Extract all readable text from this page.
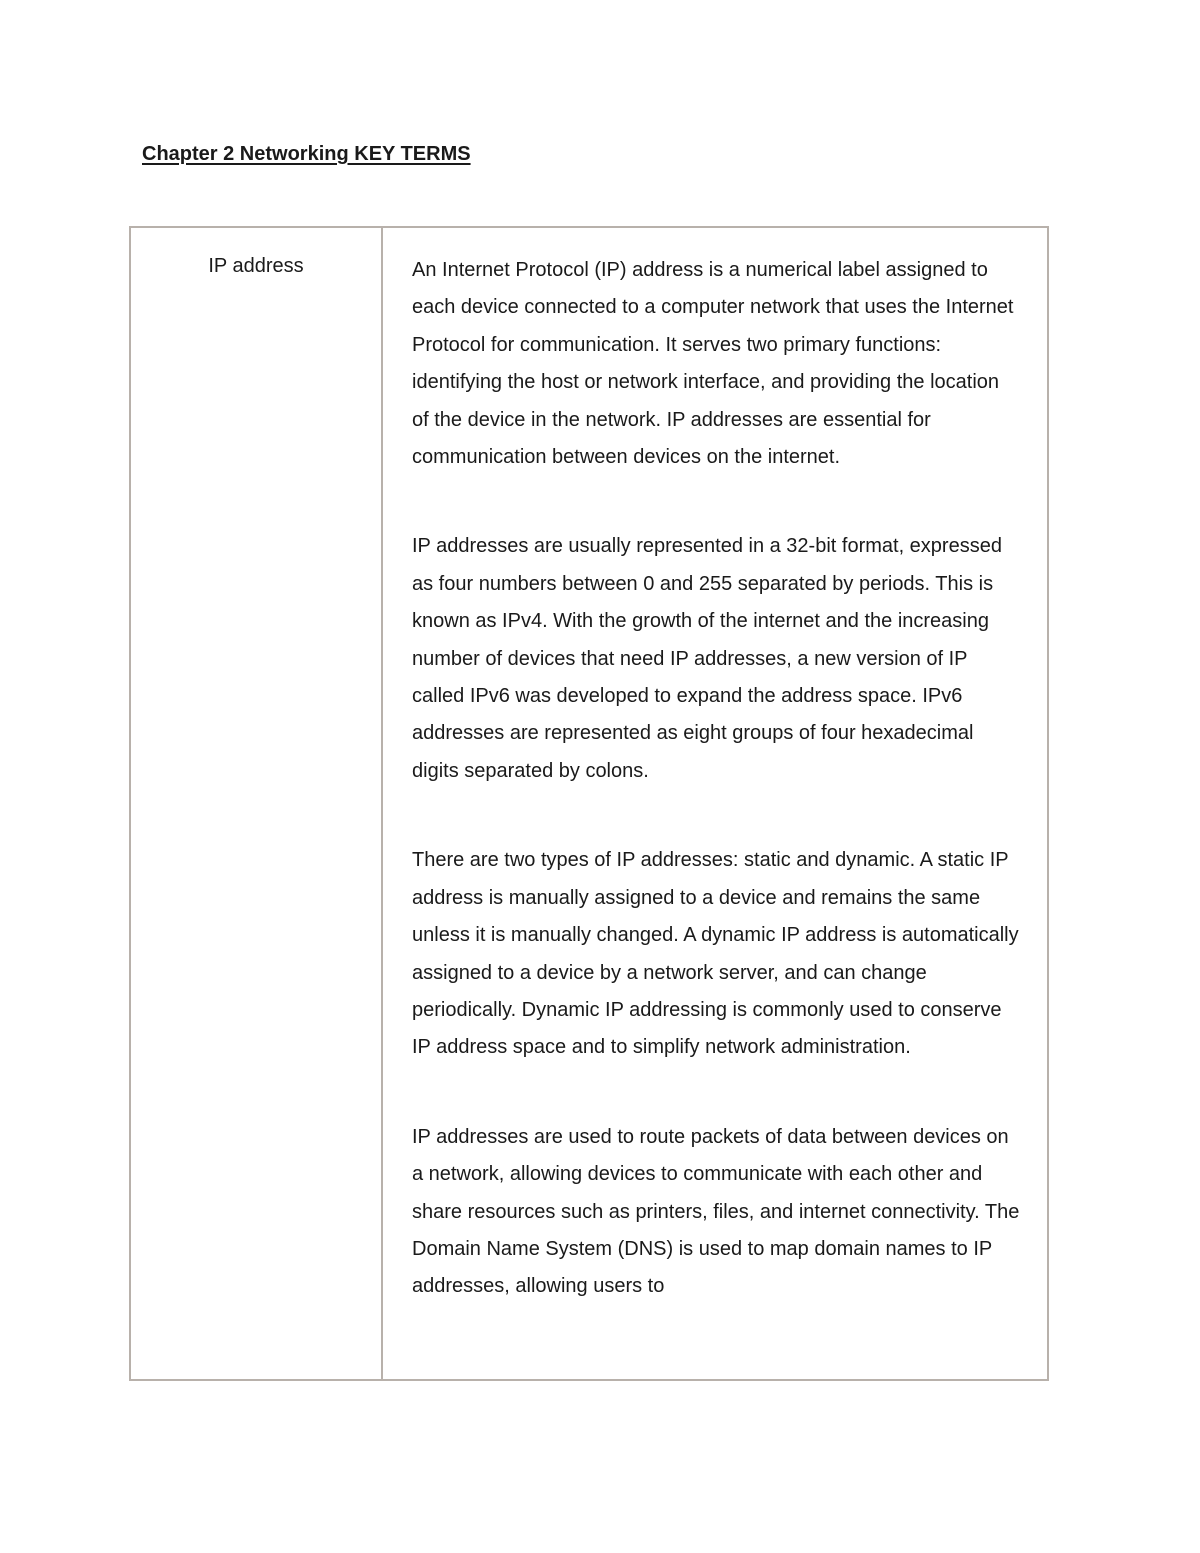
Chapter 2 Networking KEY TERMS
IP address	An Internet Protocol (IP) address is a numerical label assigned to each device connected to a computer network that uses the Internet Protocol for communication. It serves two primary functions: identifying the host or network interface, and providing the location of the device in the network. IP addresses are essential for communication between devices on the internet.

IP addresses are usually represented in a 32-bit format, expressed as four numbers between 0 and 255 separated by periods. This is known as IPv4. With the growth of the internet and the increasing number of devices that need IP addresses, a new version of IP called IPv6 was developed to expand the address space. IPv6 addresses are represented as eight groups of four hexadecimal digits separated by colons.

There are two types of IP addresses: static and dynamic. A static IP address is manually assigned to a device and remains the same unless it is manually changed. A dynamic IP address is automatically assigned to a device by a network server, and can change periodically. Dynamic IP addressing is commonly used to conserve IP address space and to simplify network administration.

IP addresses are used to route packets of data between devices on a network, allowing devices to communicate with each other and share resources such as printers, files, and internet connectivity. The Domain Name System (DNS) is used to map domain names to IP addresses, allowing users to
